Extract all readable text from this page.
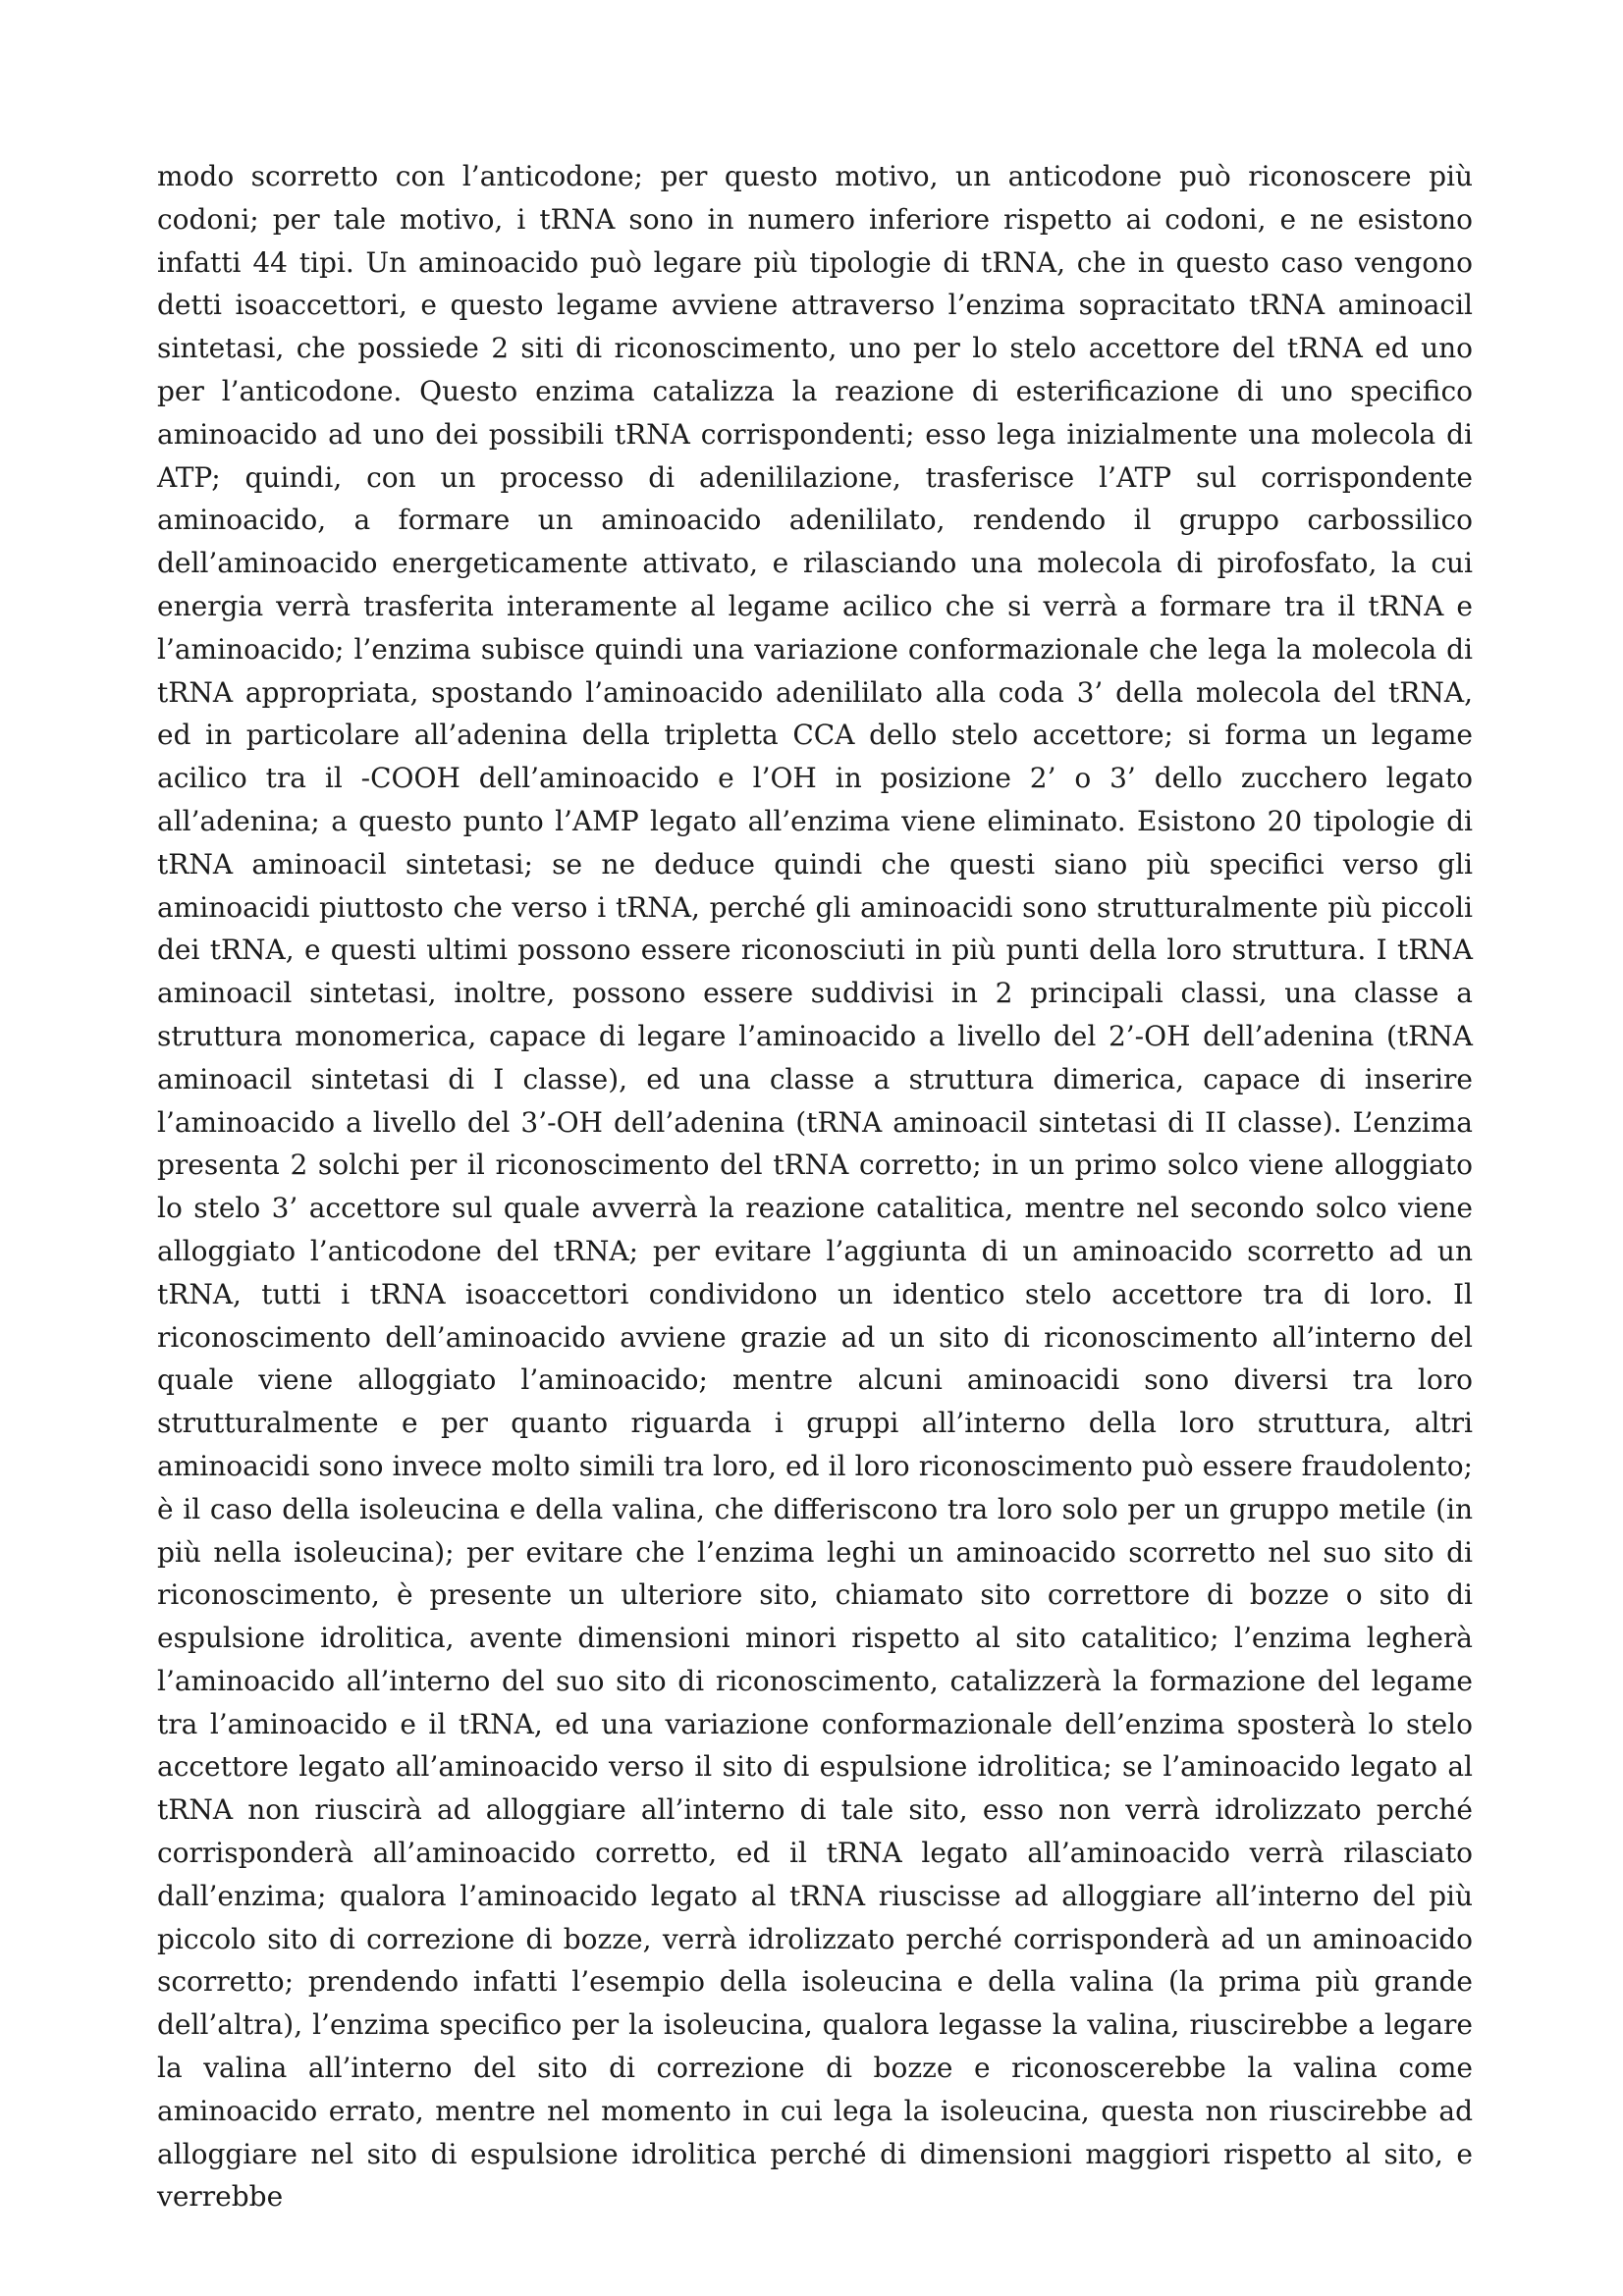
modo scorretto con l’anticodone; per questo motivo, un anticodone può riconoscere più codoni; per tale motivo, i tRNA sono in numero inferiore rispetto ai codoni, e ne esistono infatti 44 tipi. Un aminoacido può legare più tipologie di tRNA, che in questo caso vengono detti isoaccettori, e questo legame avviene attraverso l’enzima sopracitato tRNA aminoacil sintetasi, che possiede 2 siti di riconoscimento, uno per lo stelo accettore del tRNA ed uno per l’anticodone. Questo enzima catalizza la reazione di esterificazione di uno specifico aminoacido ad uno dei possibili tRNA corrispondenti; esso lega inizialmente una molecola di ATP; quindi, con un processo di adenililazione, trasferisce l’ATP sul corrispondente aminoacido, a formare un aminoacido adenililato, rendendo il gruppo carbossilico dell’aminoacido energeticamente attivato, e rilasciando una molecola di pirofosfato, la cui energia verrà trasferita interamente al legame acilico che si verrà a formare tra il tRNA e l’aminoacido; l’enzima subisce quindi una variazione conformazionale che lega la molecola di tRNA appropriata, spostando l’aminoacido adenililato alla coda 3’ della molecola del tRNA, ed in particolare all’adenina della tripletta CCA dello stelo accettore; si forma un legame acilico tra il -COOH dell’aminoacido e l’OH in posizione 2’ o 3’ dello zucchero legato all’adenina; a questo punto l’AMP legato all’enzima viene eliminato. Esistono 20 tipologie di tRNA aminoacil sintetasi; se ne deduce quindi che questi siano più specifici verso gli aminoacidi piuttosto che verso i tRNA, perché gli aminoacidi sono strutturalmente più piccoli dei tRNA, e questi ultimi possono essere riconosciuti in più punti della loro struttura. I tRNA aminoacil sintetasi, inoltre, possono essere suddivisi in 2 principali classi, una classe a struttura monomerica, capace di legare l’aminoacido a livello del 2’-OH dell’adenina (tRNA aminoacil sintetasi di I classe), ed una classe a struttura dimerica, capace di inserire l’aminoacido a livello del 3’-OH dell’adenina (tRNA aminoacil sintetasi di II classe). L’enzima presenta 2 solchi per il riconoscimento del tRNA corretto; in un primo solco viene alloggiato lo stelo 3’ accettore sul quale avverrà la reazione catalitica, mentre nel secondo solco viene alloggiato l’anticodone del tRNA; per evitare l’aggiunta di un aminoacido scorretto ad un tRNA, tutti i tRNA isoaccettori condividono un identico stelo accettore tra di loro. Il riconoscimento dell’aminoacido avviene grazie ad un sito di riconoscimento all’interno del quale viene alloggiato l’aminoacido; mentre alcuni aminoacidi sono diversi tra loro strutturalmente e per quanto riguarda i gruppi all’interno della loro struttura, altri aminoacidi sono invece molto simili tra loro, ed il loro riconoscimento può essere fraudolento; è il caso della isoleucina e della valina, che differiscono tra loro solo per un gruppo metile (in più nella isoleucina); per evitare che l’enzima leghi un aminoacido scorretto nel suo sito di riconoscimento, è presente un ulteriore sito, chiamato sito correttore di bozze o sito di espulsione idrolitica, avente dimensioni minori rispetto al sito catalitico; l’enzima legherà l’aminoacido all’interno del suo sito di riconoscimento, catalizzerà la formazione del legame tra l’aminoacido e il tRNA, ed una variazione conformazionale dell’enzima sposterà lo stelo accettore legato all’aminoacido verso il sito di espulsione idrolitica; se l’aminoacido legato al tRNA non riuscirà ad alloggiare all’interno di tale sito, esso non verrà idrolizzato perché corrisponderà all’aminoacido corretto, ed il tRNA legato all’aminoacido verrà rilasciato dall’enzima; qualora l’aminoacido legato al tRNA riuscisse ad alloggiare all’interno del più piccolo sito di correzione di bozze, verrà idrolizzato perché corrisponderà ad un aminoacido scorretto; prendendo infatti l’esempio della isoleucina e della valina (la prima più grande dell’altra), l’enzima specifico per la isoleucina, qualora legasse la valina, riuscirebbe a legare la valina all’interno del sito di correzione di bozze e riconoscerebbe la valina come aminoacido errato, mentre nel momento in cui lega la isoleucina, questa non riuscirebbe ad alloggiare nel sito di espulsione idrolitica perché di dimensioni maggiori rispetto al sito, e verrebbe
